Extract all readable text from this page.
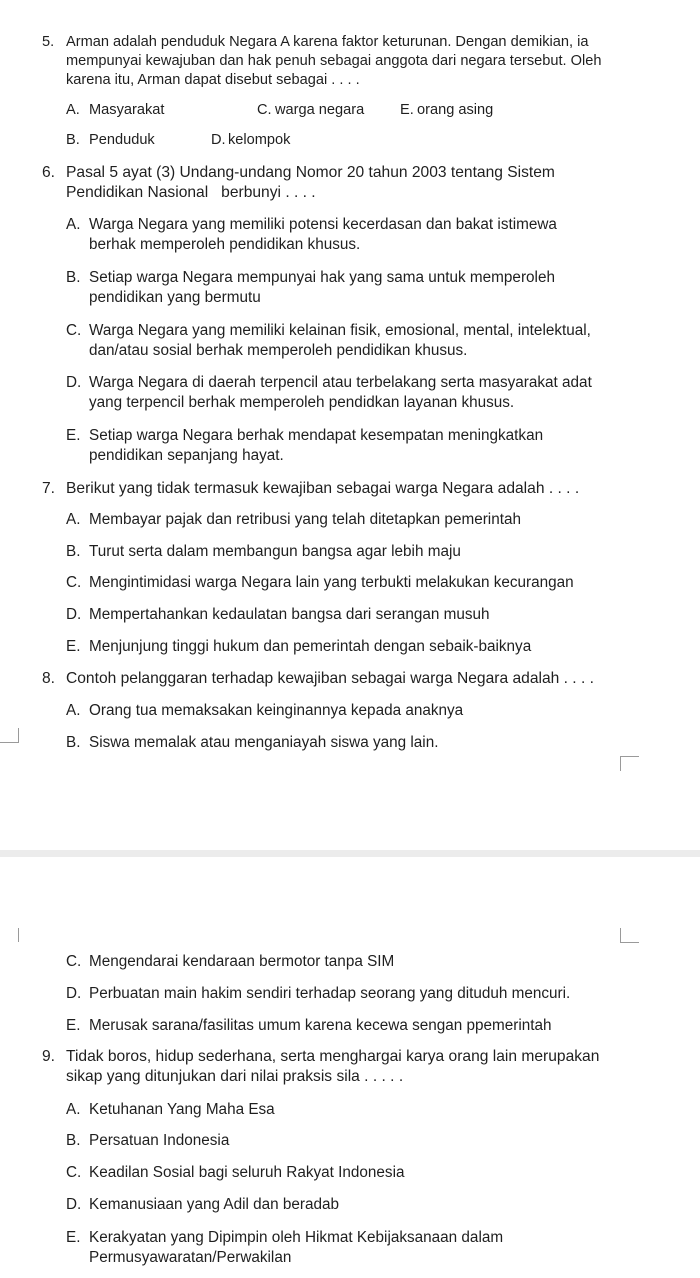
5. Arman adalah penduduk Negara A karena faktor keturunan. Dengan demikian, ia
mempunyai kewajuban dan hak penuh sebagai anggota dari negara tersebut. Oleh
karena itu, Arman dapat disebut sebagai . . . .
A. Masyarakat	C. warga negara E. orang asing
B. Penduduk	D. kelompok
6. Pasal 5 ayat (3) Undang-undang Nomor 20 tahun 2003 tentang Sistem
Pendidikan Nasional   berbunyi . . . .
A. Warga Negara yang memiliki potensi kecerdasan dan bakat istimewa
berhak memperoleh pendidikan khusus.
B. Setiap warga Negara mempunyai hak yang sama untuk memperoleh
pendidikan yang bermutu
C. Warga Negara yang memiliki kelainan fisik, emosional, mental, intelektual,
dan/atau sosial berhak memperoleh pendidikan khusus.
D. Warga Negara di daerah terpencil atau terbelakang serta masyarakat adat
yang terpencil berhak memperoleh pendidkan layanan khusus.
E. Setiap warga Negara berhak mendapat kesempatan meningkatkan
pendidikan sepanjang hayat.
7. Berikut yang tidak termasuk kewajiban sebagai warga Negara adalah . . . .
A. Membayar pajak dan retribusi yang telah ditetapkan pemerintah
B. Turut serta dalam membangun bangsa agar lebih maju
C. Mengintimidasi warga Negara lain yang terbukti melakukan kecurangan
D. Mempertahankan kedaulatan bangsa dari serangan musuh
E. Menjunjung tinggi hukum dan pemerintah dengan sebaik-baiknya
8. Contoh pelanggaran terhadap kewajiban sebagai warga Negara adalah . . . .
A. Orang tua memaksakan keinginannya kepada anaknya
B. Siswa memalak atau menganiayah siswa yang lain.
C. Mengendarai kendaraan bermotor tanpa SIM
D. Perbuatan main hakim sendiri terhadap seorang yang dituduh mencuri.
E. Merusak sarana/fasilitas umum karena kecewa sengan ppemerintah
9. Tidak boros, hidup sederhana, serta menghargai karya orang lain merupakan
sikap yang ditunjukan dari nilai praksis sila . . . . .
A. Ketuhanan Yang Maha Esa
B. Persatuan Indonesia
C. Keadilan Sosial bagi seluruh Rakyat Indonesia
D. Kemanusiaan yang Adil dan beradab
E. Kerakyatan yang Dipimpin oleh Hikmat Kebijaksanaan dalam
Permusyawaratan/Perwakilan
